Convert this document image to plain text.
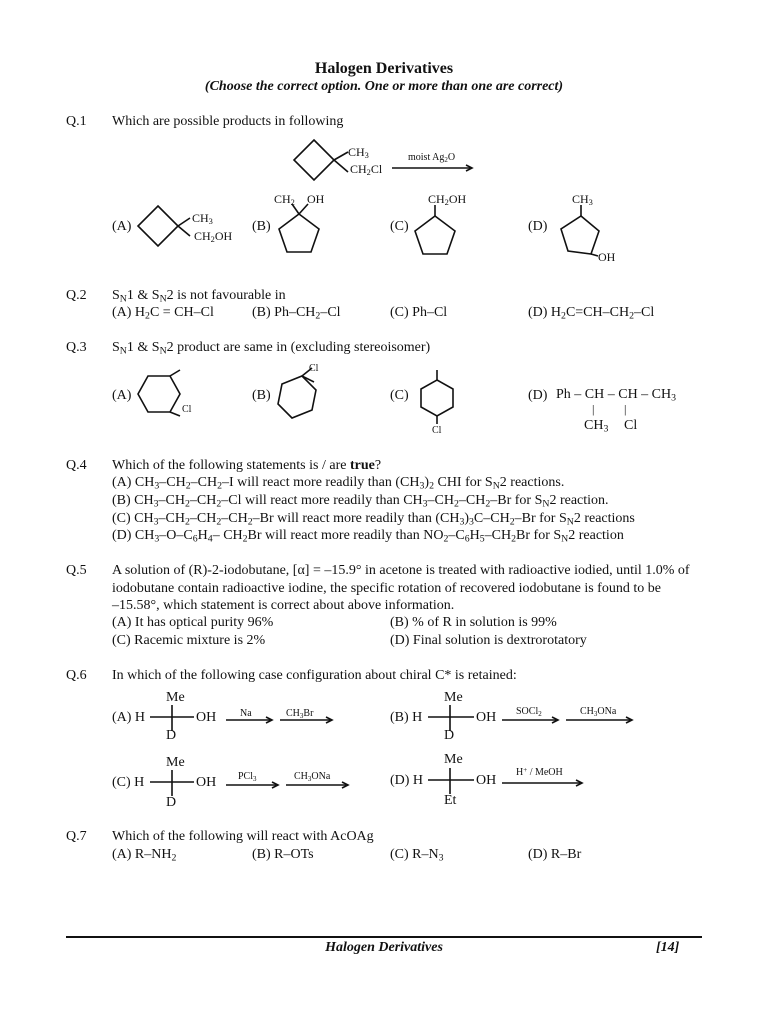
Halogen Derivatives
(Choose the correct option. One or more than one are correct)
Q.1 Which are possible products in following
$CH_3$
$CH_2Cl$
moist $Ag_2O$
(A)
$CH_3$
$CH_2OH$
(B)
$CH_2$ OH
(C)
$CH_2OH$
(D)
$CH_3$
OH
Q.2 $S_N1$ & $S_N2$ is not favourable in
(A) $H_2C = CH-Cl$	(B) $Ph-CH_2-Cl$	(C) Ph–Cl	(D) $H_2C=CH-CH_2-Cl$
Q.3 $S_N1$ & $S_N2$ product are same in (excluding stereoisomer)
(A)
Cl
(B)
Cl
(C)
Cl
(D) Ph – CH – CH – $CH_3$
| |
$CH_3$ Cl
Q.4 Which of the following statements is / are true?
(A) $CH_3-CH_2-CH_2-I$ will react more readily than $(CH_3)_2$ CHI for $S_N2$ reactions.
(B) $CH_3-CH_2-CH_2-Cl$ will react more readily than $CH_3-CH_2-CH_2-Br$ for $S_N2$ reaction.
(C) $CH_3-CH_2-CH_2-CH_2-Br$ will react more readily than $(CH_3)_3C-CH_2-Br$ for $S_N2$ reactions
(D) $CH_3-O-C_6H_4-$ $CH_2Br$ will react more readily than $NO_2-C_6H_5-CH_2Br$ for $S_N2$ reaction
Q.5 A solution of (R)-2-iodobutane, [α] = –15.9° in acetone is treated with radioactive iodied, until 1.0% of
iodobutane contain radioactive iodine, the specific rotation of recovered iodobutane is found to be
–15.58°, which statement is correct about above information.
(A) It has optical purity 96%	(B) % of R in solution is 99%
(C) Racemic mixture is 2%	(D) Final solution is dextrorotatory
Q.6 In which of the following case configuration about chiral C* is retained:
Me
(A) H	OH
D
Na	$CH_3Br$
Me
(B) H	OH
D
SOCl$_2$	$CH_3ONa$
Me
(C) H	OH
D
PCl$_3$	$CH_3ONa$
Me
(D) H	OH
Et
H+ / MeOH
Q.7 Which of the following will react with AcOAg
(A) $R-NH_2$	(B) R–OTs	(C) $R-N_3$	(D) R–Br
Halogen Derivatives	[14]
